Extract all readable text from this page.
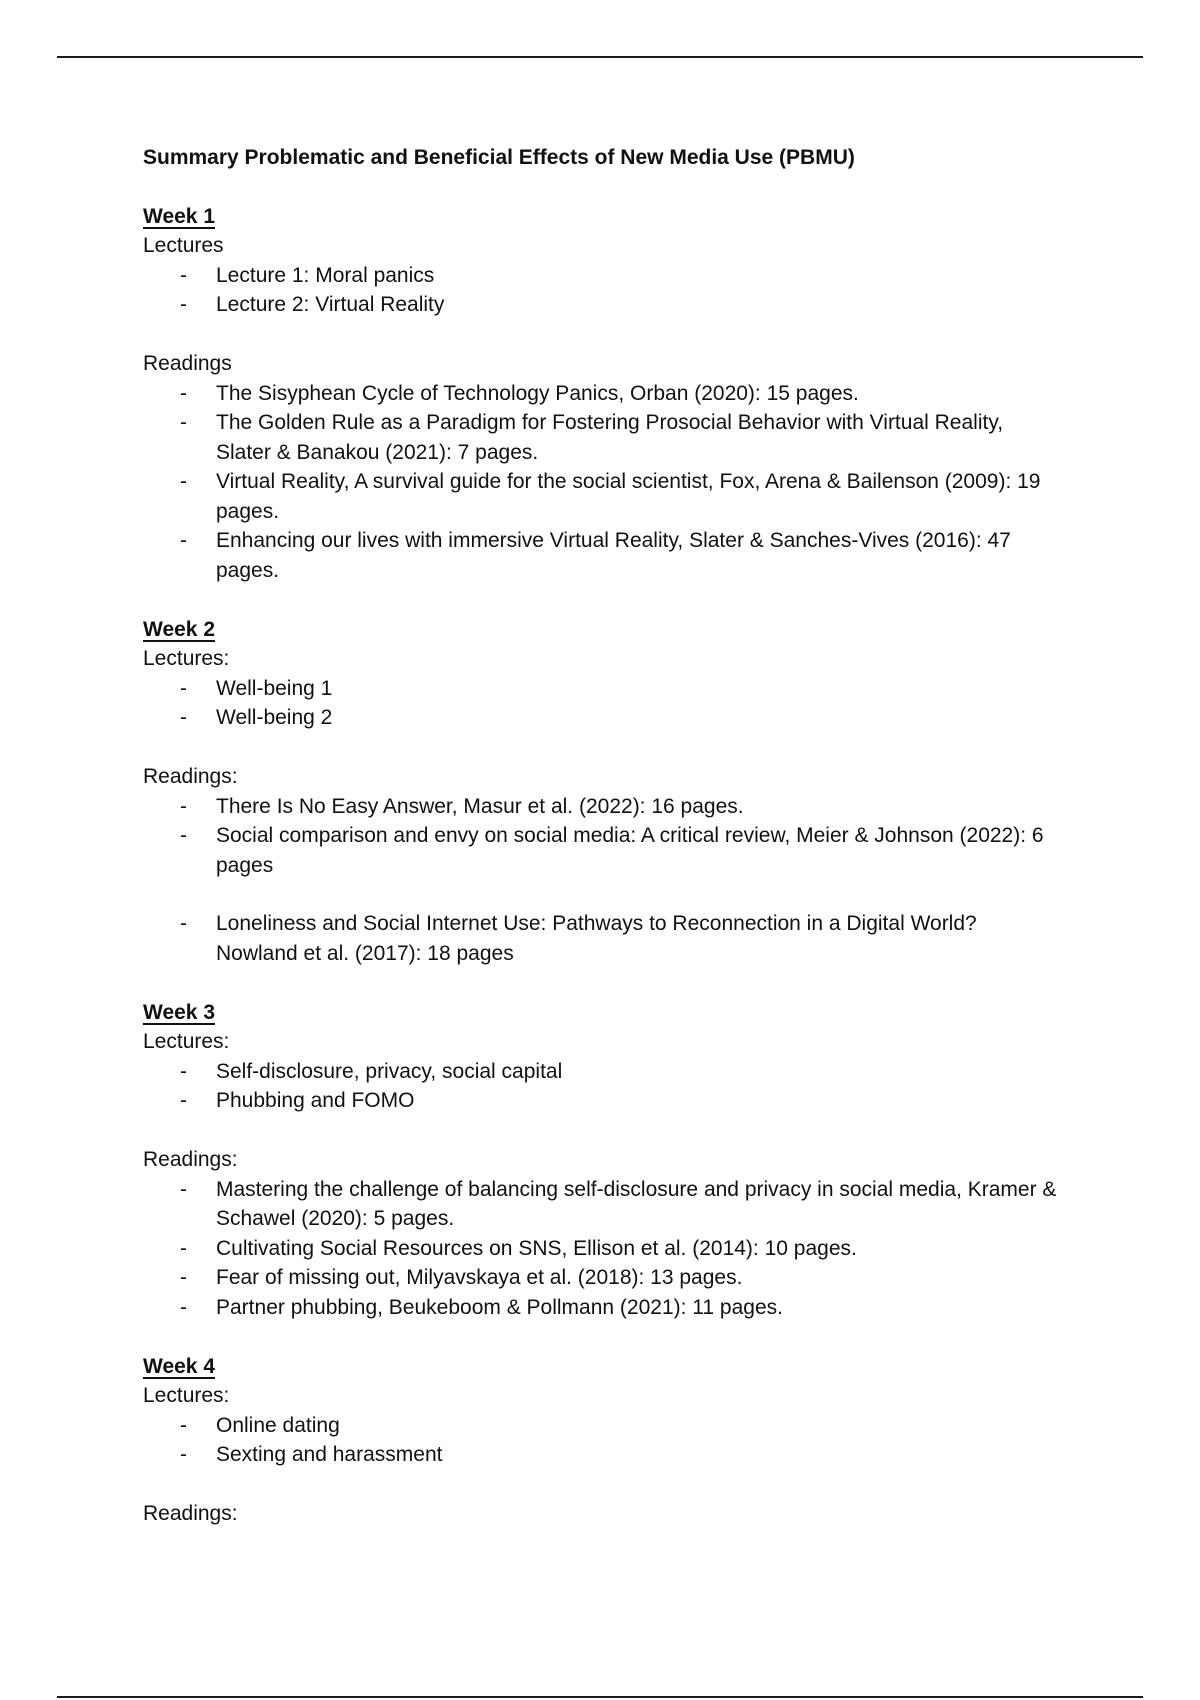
Summary Problematic and Beneficial Effects of New Media Use (PBMU)

Week 1

Lectures

- Lecture 1: Moral panics
- Lecture 2: Virtual Reality

Readings

- The Sisyphean Cycle of Technology Panics, Orban (2020): 15 pages.
- The Golden Rule as a Paradigm for Fostering Prosocial Behavior with Virtual Reality, Slater & Banakou (2021): 7 pages.
- Virtual Reality, A survival guide for the social scientist, Fox, Arena & Bailenson (2009): 19 pages.
- Enhancing our lives with immersive Virtual Reality, Slater & Sanches-Vives (2016): 47 pages.

Week 2

Lectures:

- Well-being 1
- Well-being 2

Readings:

- There Is No Easy Answer, Masur et al. (2022): 16 pages.
- Social comparison and envy on social media: A critical review, Meier & Johnson (2022): 6 pages
- Loneliness and Social Internet Use: Pathways to Reconnection in a Digital World? Nowland et al. (2017): 18 pages

Week 3

Lectures:

- Self-disclosure, privacy, social capital
- Phubbing and FOMO

Readings:

- Mastering the challenge of balancing self-disclosure and privacy in social media, Kramer & Schawel (2020): 5 pages.
- Cultivating Social Resources on SNS, Ellison et al. (2014): 10 pages.
- Fear of missing out, Milyavskaya et al. (2018): 13 pages.
- Partner phubbing, Beukeboom & Pollmann (2021): 11 pages.

Week 4

Lectures:

- Online dating
- Sexting and harassment

Readings:
